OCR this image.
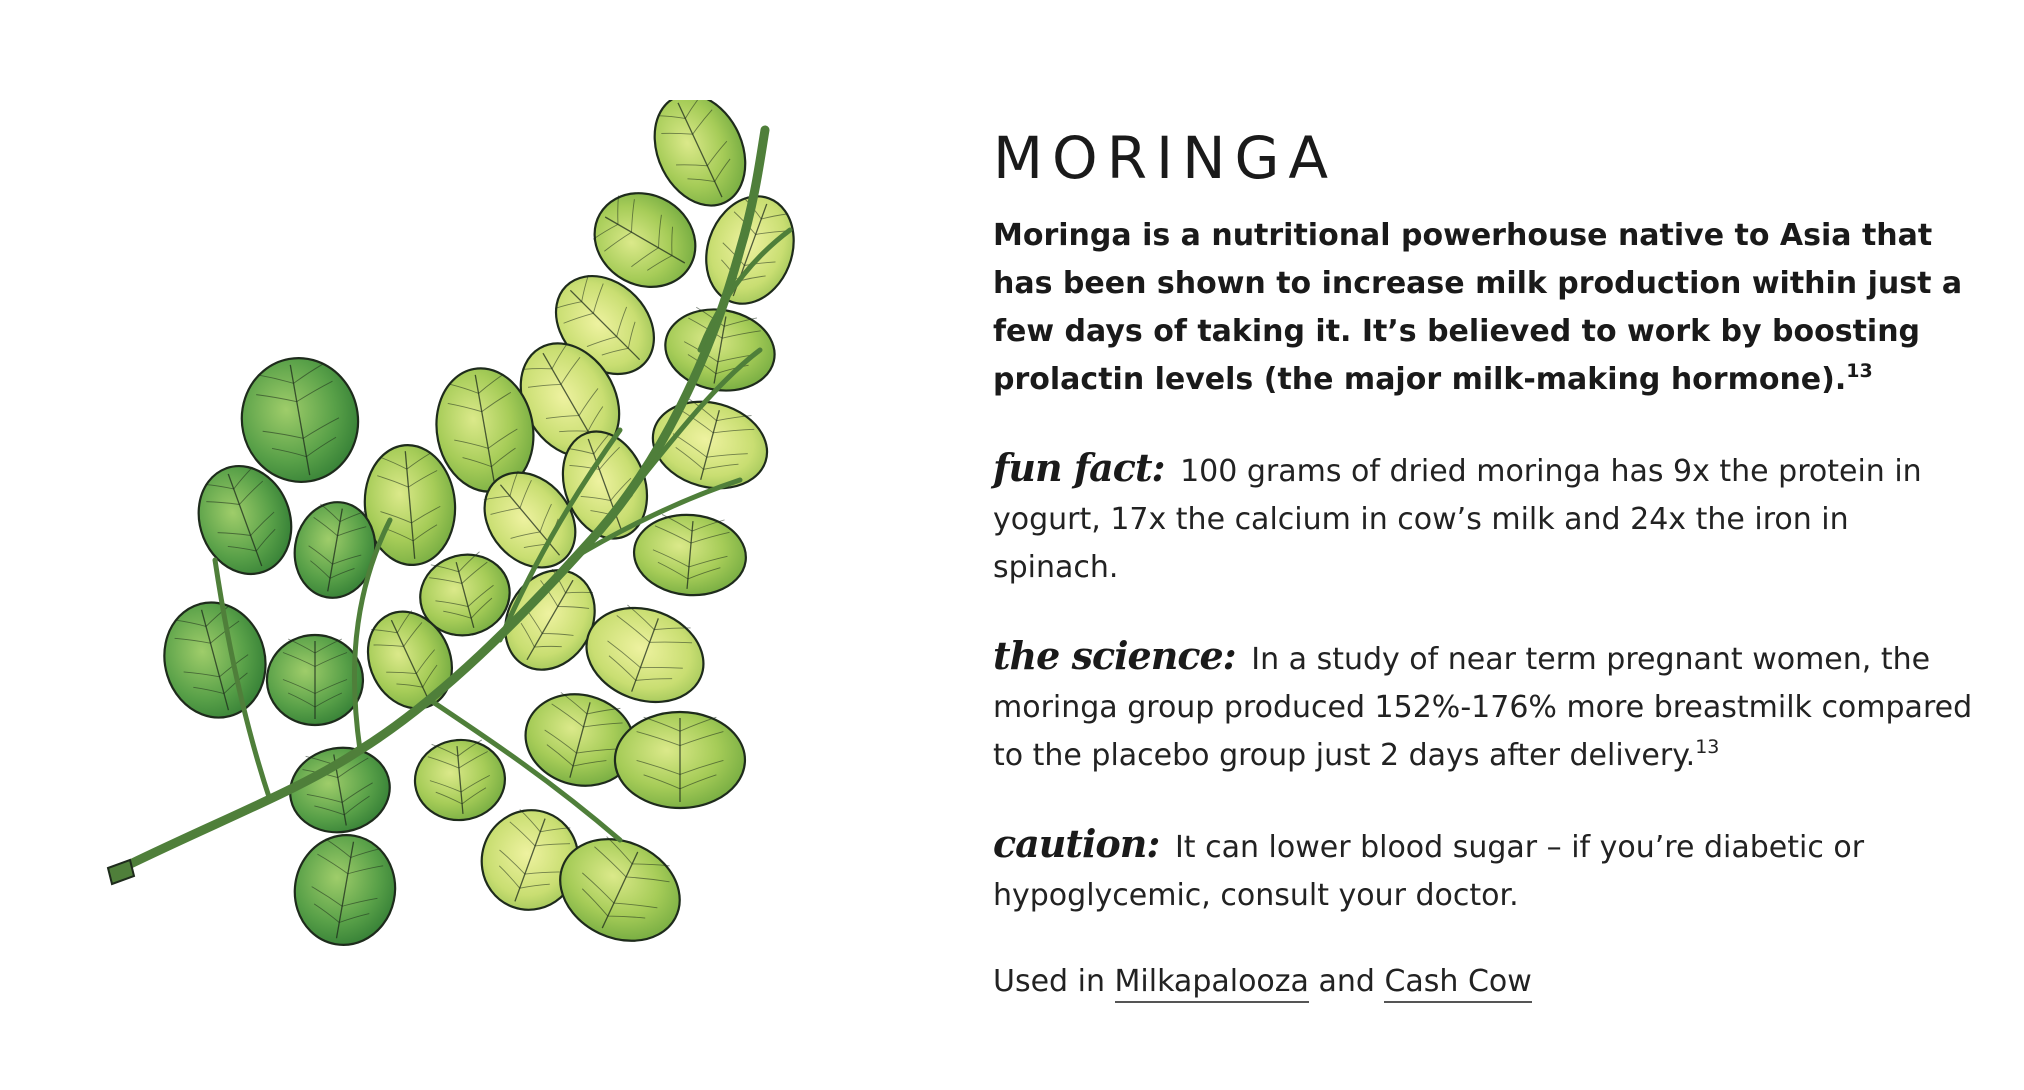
MORINGA

Moringa is a nutritional powerhouse native to Asia that has been shown to increase milk production within just a few days of taking it. It’s believed to work by boosting prolactin levels (the major milk-making hormone).$^{13}$

fun fact: 100 grams of dried moringa has 9x the protein in yogurt, 17x the calcium in cow’s milk and 24x the iron in spinach.

the science: In a study of near term pregnant women, the moringa group produced 152%-176% more breastmilk compared to the placebo group just 2 days after delivery.$^{13}$

caution: It can lower blood sugar – if you’re diabetic or hypoglycemic, consult your doctor.

Used in Milkapalooza and Cash Cow
